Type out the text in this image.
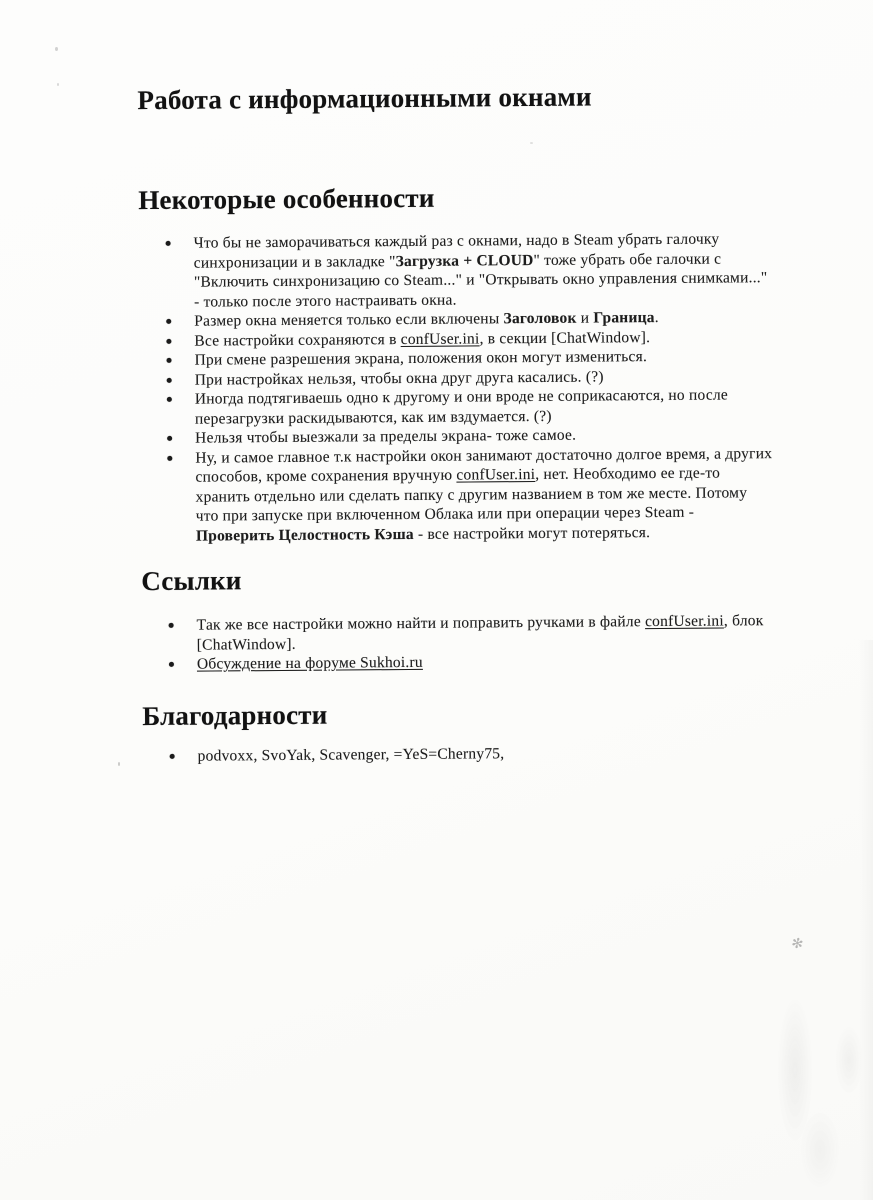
Работа с информационными окнами
Некоторые особенности
Что бы не заморачиваться каждый раз с окнами, надо в Steam убрать галочку синхронизации и в закладке "Загрузка + CLOUD" тоже убрать обе галочки с "Включить синхронизацию со Steam..." и "Открывать окно управления снимками..." - только после этого настраивать окна.
Размер окна меняется только если включены Заголовок и Граница.
Все настройки сохраняются в confUser.ini, в секции [ChatWindow].
При смене разрешения экрана, положения окон могут измениться.
При настройках нельзя, чтобы окна друг друга касались. (?)
Иногда подтягиваешь одно к другому и они вроде не соприкасаются, но после перезагрузки раскидываются, как им вздумается. (?)
Нельзя чтобы выезжали за пределы экрана- тоже самое.
Ну, и самое главное т.к настройки окон занимают достаточно долгое время, а других способов, кроме сохранения вручную confUser.ini, нет. Необходимо ее где-то хранить отдельно или сделать папку с другим названием в том же месте. Потому что при запуске при включенном Облака или при операции через Steam - Проверить Целостность Кэша - все настройки могут потеряться.
Ссылки
Так же все настройки можно найти и поправить ручками в файле confUser.ini, блок [ChatWindow].
Обсуждение на форуме Sukhoi.ru
Благодарности
podvoxx, SvoYak, Scavenger, =YeS=Cherny75,
✻
